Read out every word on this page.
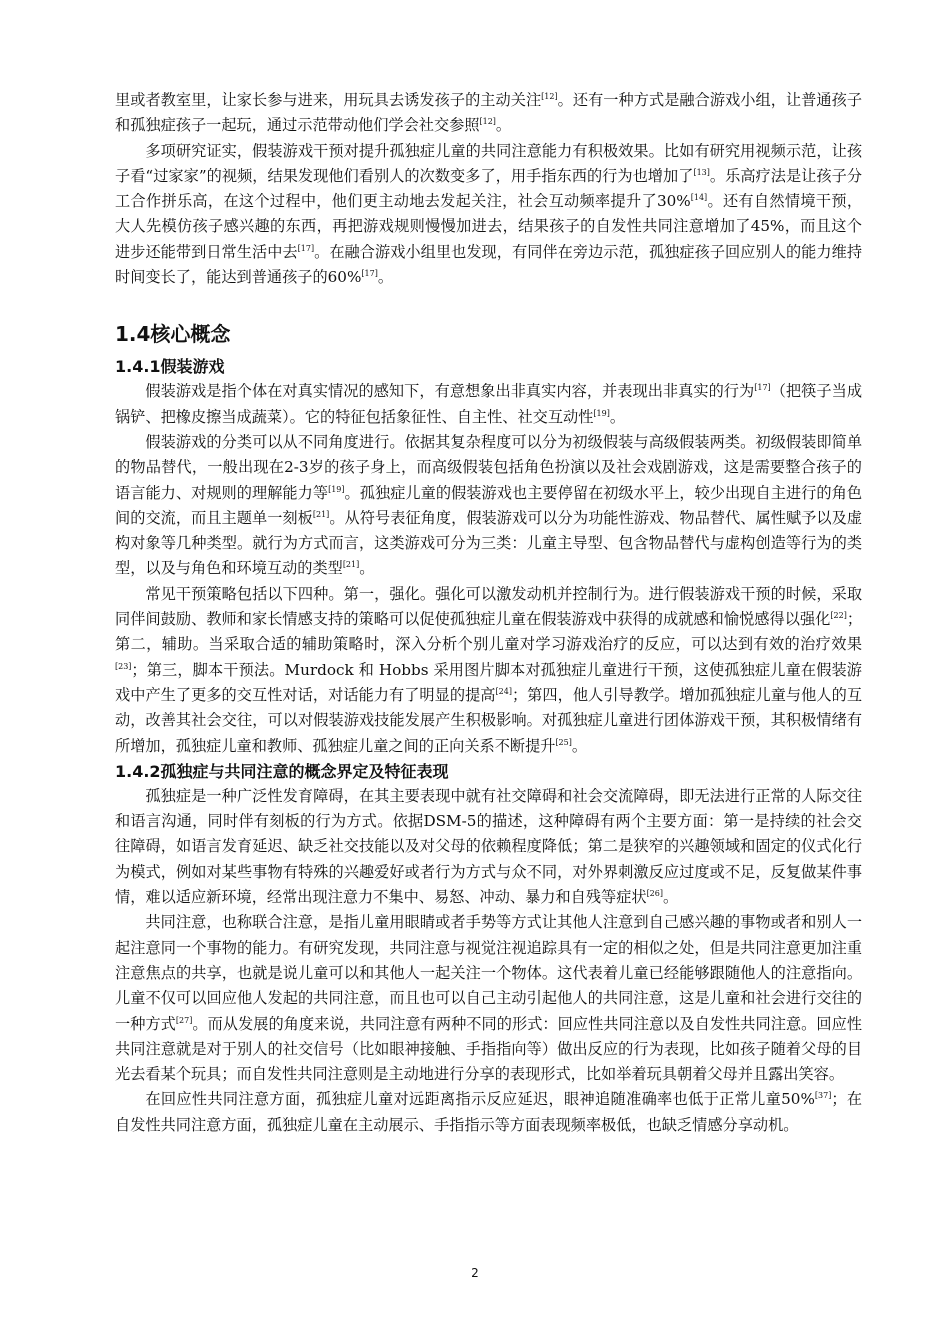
里或者教室里，让家长参与进来，用玩具去诱发孩子的主动关注[12]。还有一种方式是融合游戏小组，让普通孩子和孤独症孩子一起玩，通过示范带动他们学会社交参照[12]。

多项研究证实，假装游戏干预对提升孤独症儿童的共同注意能力有积极效果。比如有研究用视频示范，让孩子看“过家家”的视频，结果发现他们看别人的次数变多了，用手指东西的行为也增加了[13]。乐高疗法是让孩子分工合作拼乐高，在这个过程中，他们更主动地去发起关注，社会互动频率提升了30%[14]。还有自然情境干预，大人先模仿孩子感兴趣的东西，再把游戏规则慢慢加进去，结果孩子的自发性共同注意增加了45%，而且这个进步还能带到日常生活中去[17]。在融合游戏小组里也发现，有同伴在旁边示范，孤独症孩子回应别人的能力维持时间变长了，能达到普通孩子的60%[17]。

1.4核心概念
1.4.1假装游戏

假装游戏是指个体在对真实情况的感知下，有意想象出非真实内容，并表现出非真实的行为[17]（把筷子当成锅铲、把橡皮擦当成蔬菜）。它的特征包括象征性、自主性、社交互动性[19]。

假装游戏的分类可以从不同角度进行。依据其复杂程度可以分为初级假装与高级假装两类。初级假装即简单的物品替代，一般出现在2-3岁的孩子身上，而高级假装包括角色扮演以及社会戏剧游戏，这是需要整合孩子的语言能力、对规则的理解能力等[19]。孤独症儿童的假装游戏也主要停留在初级水平上，较少出现自主进行的角色间的交流，而且主题单一刻板[21]。从符号表征角度，假装游戏可以分为功能性游戏、物品替代、属性赋予以及虚构对象等几种类型。就行为方式而言，这类游戏可分为三类：儿童主导型、包含物品替代与虚构创造等行为的类型，以及与角色和环境互动的类型[21]。

常见干预策略包括以下四种。第一，强化。强化可以激发动机并控制行为。进行假装游戏干预的时候，采取同伴间鼓励、教师和家长情感支持的策略可以促使孤独症儿童在假装游戏中获得的成就感和愉悦感得以强化[22]；第二，辅助。当采取合适的辅助策略时，深入分析个别儿童对学习游戏治疗的反应，可以达到有效的治疗效果[23]；第三，脚本干预法。Murdock 和 Hobbs 采用图片脚本对孤独症儿童进行干预，这使孤独症儿童在假装游戏中产生了更多的交互性对话，对话能力有了明显的提高[24]；第四，他人引导教学。增加孤独症儿童与他人的互动，改善其社会交往，可以对假装游戏技能发展产生积极影响。对孤独症儿童进行团体游戏干预，其积极情绪有所增加，孤独症儿童和教师、孤独症儿童之间的正向关系不断提升[25]。

1.4.2孤独症与共同注意的概念界定及特征表现

孤独症是一种广泛性发育障碍，在其主要表现中就有社交障碍和社会交流障碍，即无法进行正常的人际交往和语言沟通，同时伴有刻板的行为方式。依据DSM-5的描述，这种障碍有两个主要方面：第一是持续的社会交往障碍，如语言发育延迟、缺乏社交技能以及对父母的依赖程度降低；第二是狭窄的兴趣领域和固定的仪式化行为模式，例如对某些事物有特殊的兴趣爱好或者行为方式与众不同，对外界刺激反应过度或不足，反复做某件事情，难以适应新环境，经常出现注意力不集中、易怒、冲动、暴力和自残等症状[26]。

共同注意，也称联合注意，是指儿童用眼睛或者手势等方式让其他人注意到自己感兴趣的事物或者和别人一起注意同一个事物的能力。有研究发现，共同注意与视觉注视追踪具有一定的相似之处，但是共同注意更加注重注意焦点的共享，也就是说儿童可以和其他人一起关注一个物体。这代表着儿童已经能够跟随他人的注意指向。儿童不仅可以回应他人发起的共同注意，而且也可以自己主动引起他人的共同注意，这是儿童和社会进行交往的一种方式[27]。而从发展的角度来说，共同注意有两种不同的形式：回应性共同注意以及自发性共同注意。回应性共同注意就是对于别人的社交信号（比如眼神接触、手指指向等）做出反应的行为表现，比如孩子随着父母的目光去看某个玩具；而自发性共同注意则是主动地进行分享的表现形式，比如举着玩具朝着父母并且露出笑容。

在回应性共同注意方面，孤独症儿童对远距离指示反应延迟，眼神追随准确率也低于正常儿童50%[37]；在自发性共同注意方面，孤独症儿童在主动展示、手指指示等方面表现频率极低，也缺乏情感分享动机。

2
